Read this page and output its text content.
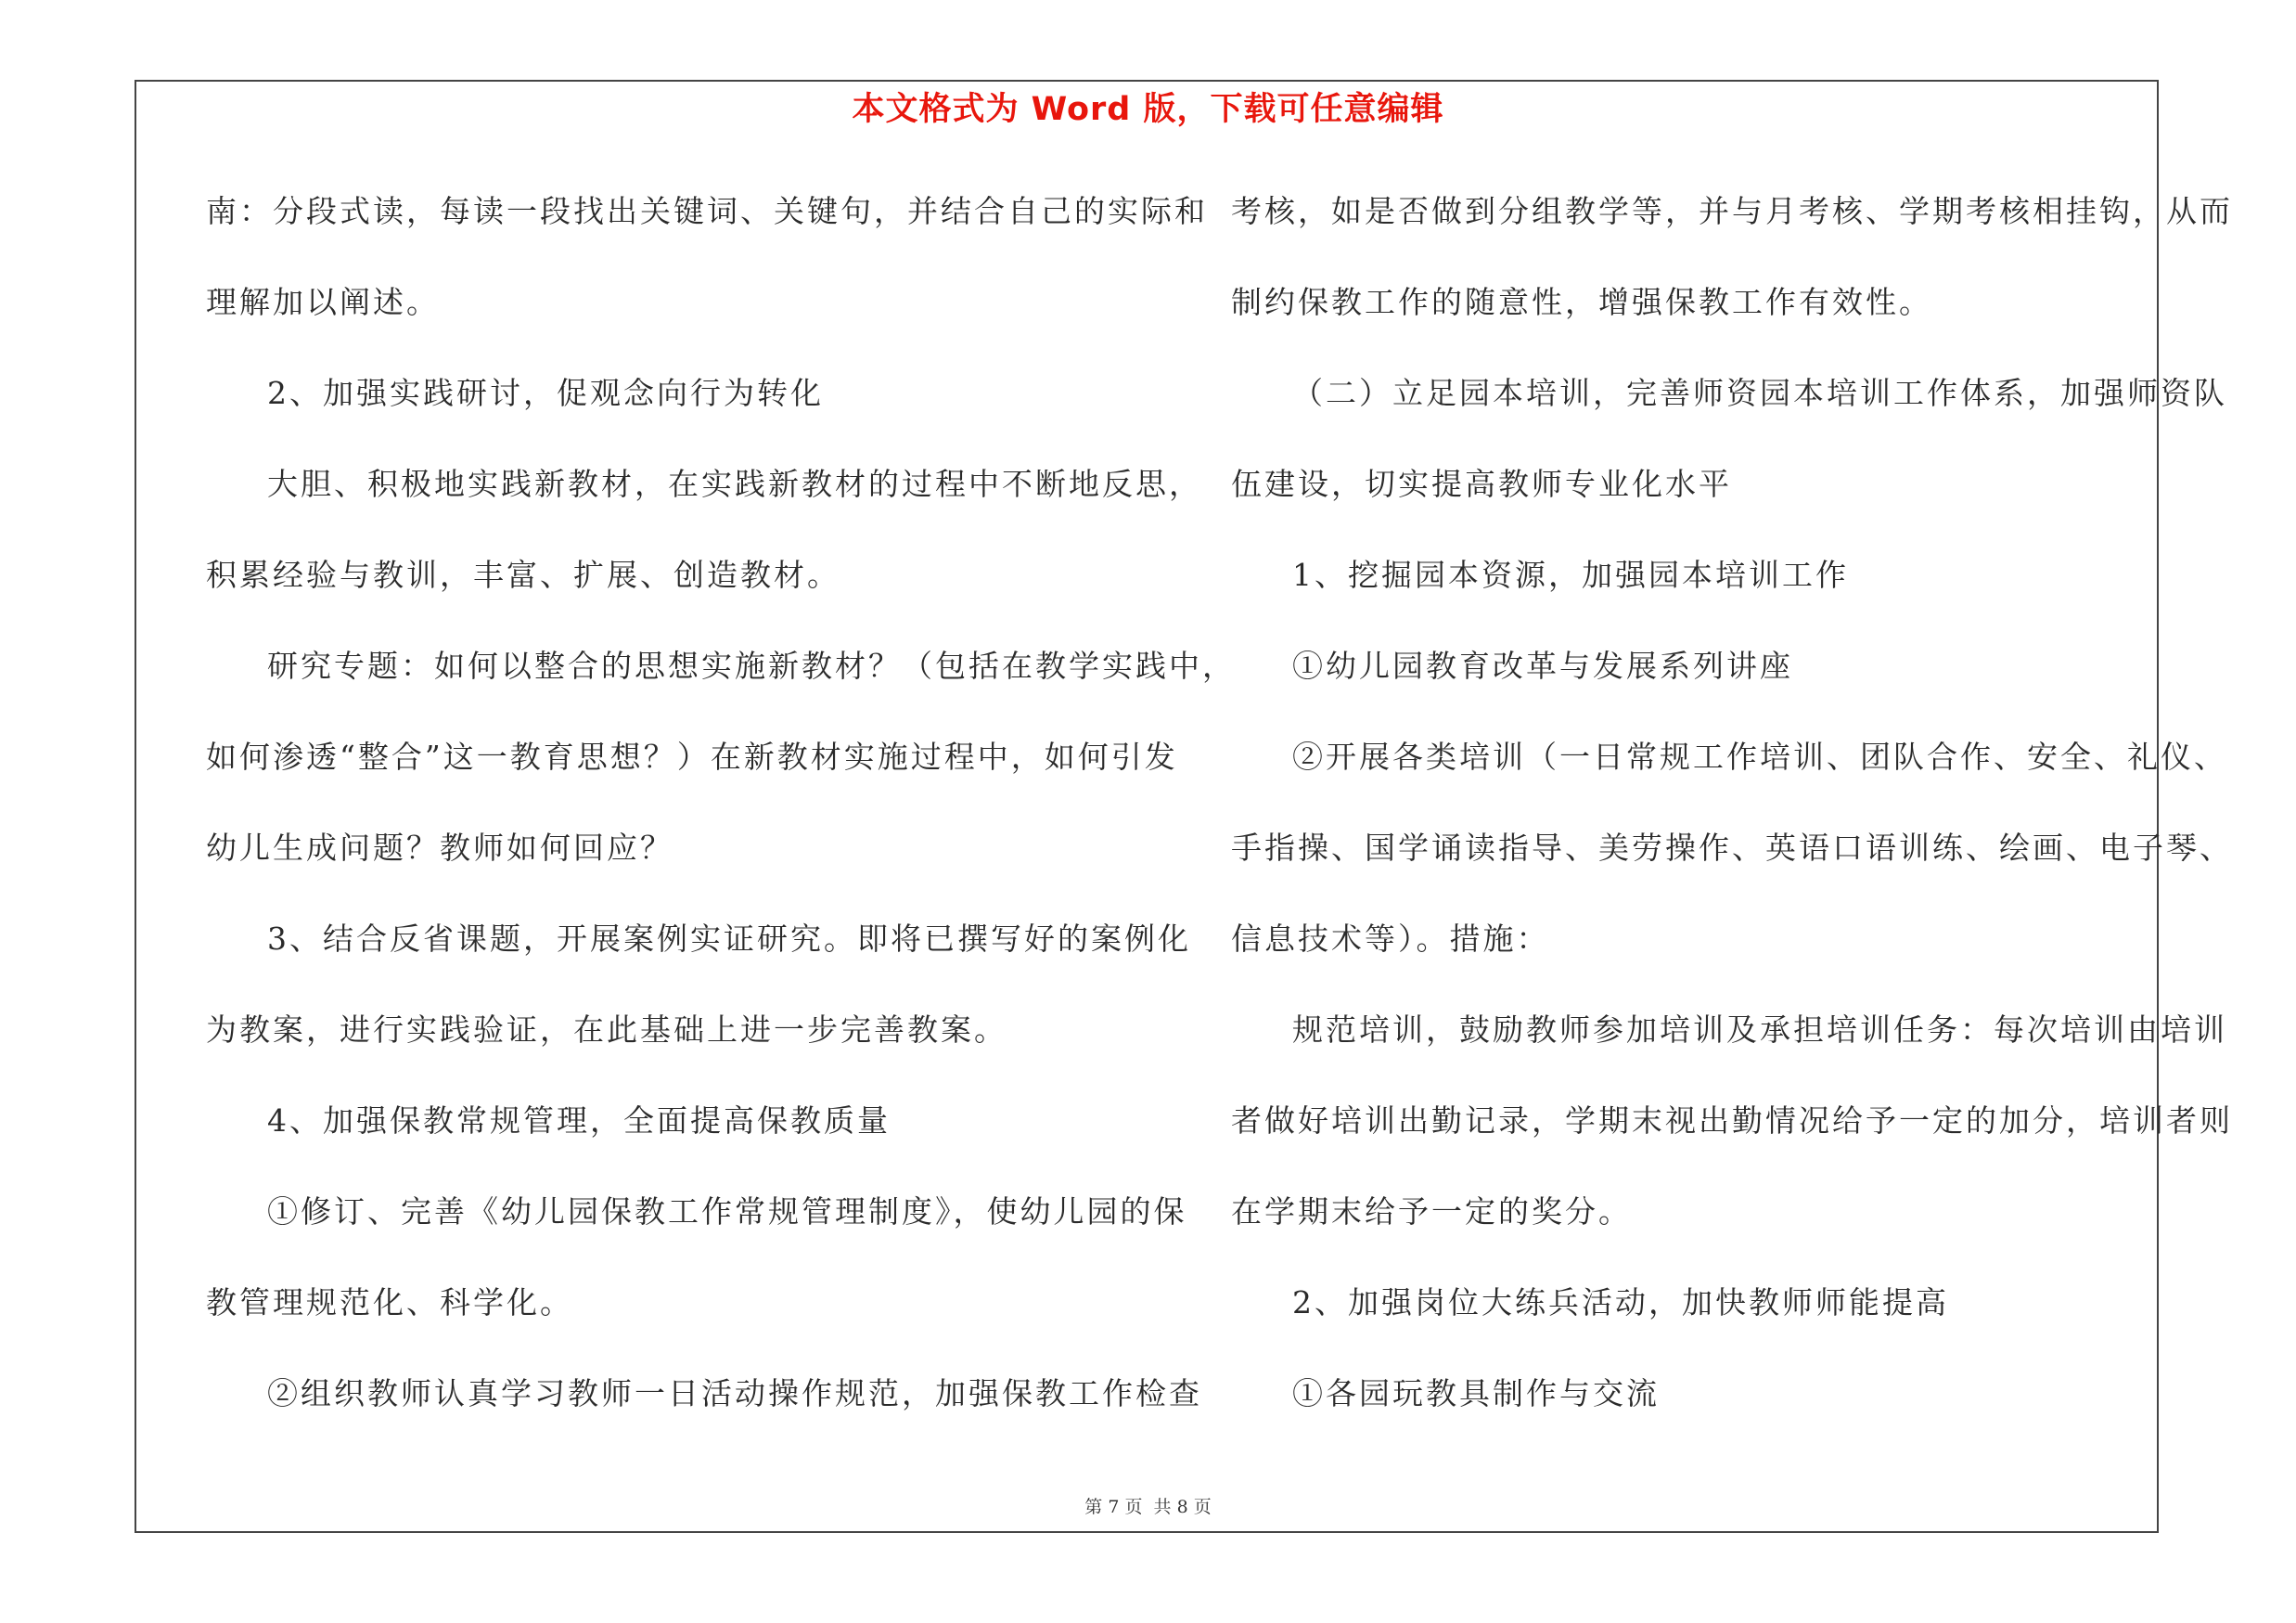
本文格式为 Word 版，下载可任意编辑
南：分段式读，每读一段找出关键词、关键句，并结合自己的实际和
理解加以阐述。
2、加强实践研讨，促观念向行为转化
大胆、积极地实践新教材，在实践新教材的过程中不断地反思，
积累经验与教训，丰富、扩展、创造教材。
研究专题：如何以整合的思想实施新教材？（包括在教学实践中，
如何渗透“整合”这一教育思想？）在新教材实施过程中，如何引发
幼儿生成问题？教师如何回应？
3、结合反省课题，开展案例实证研究。即将已撰写好的案例化
为教案，进行实践验证，在此基础上进一步完善教案。
4、加强保教常规管理，全面提高保教质量
①修订、完善《幼儿园保教工作常规管理制度》，使幼儿园的保
教管理规范化、科学化。
②组织教师认真学习教师一日活动操作规范，加强保教工作检查
考核，如是否做到分组教学等，并与月考核、学期考核相挂钩，从而
制约保教工作的随意性，增强保教工作有效性。
（二）立足园本培训，完善师资园本培训工作体系，加强师资队
伍建设，切实提高教师专业化水平
1、挖掘园本资源，加强园本培训工作
①幼儿园教育改革与发展系列讲座
②开展各类培训（一日常规工作培训、团队合作、安全、礼仪、
手指操、国学诵读指导、美劳操作、英语口语训练、绘画、电子琴、
信息技术等）。措施：
规范培训，鼓励教师参加培训及承担培训任务：每次培训由培训
者做好培训出勤记录，学期末视出勤情况给予一定的加分，培训者则
在学期末给予一定的奖分。
2、加强岗位大练兵活动，加快教师师能提高
①各园玩教具制作与交流
第 7 页  共 8 页
